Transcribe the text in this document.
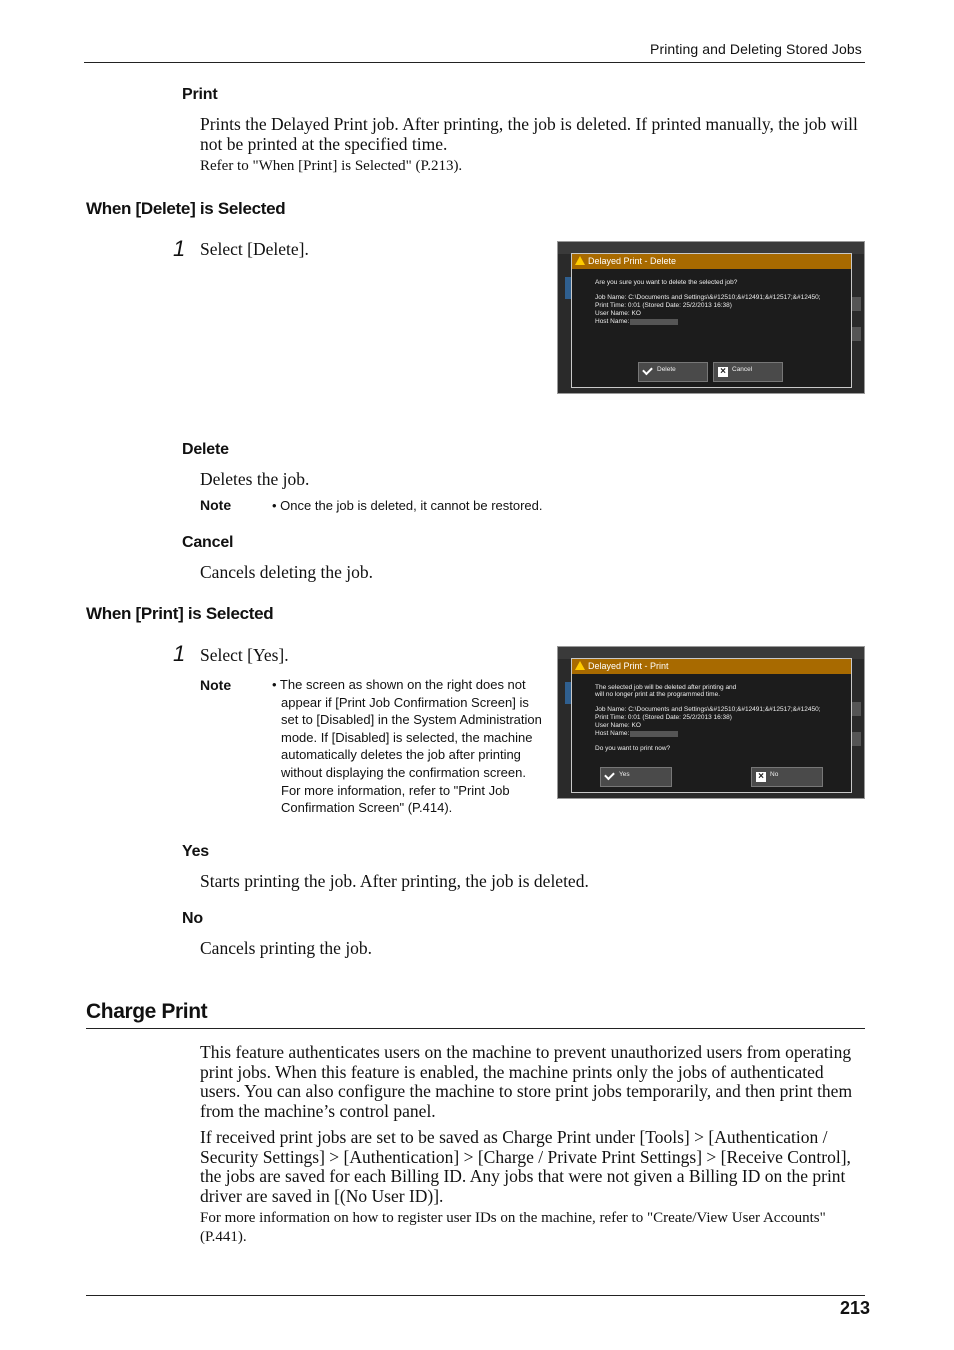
Printing and Deleting Stored Jobs
Print
Prints the Delayed Print job. After printing, the job is deleted. If printed manually, the job will not be printed at the specified time.
Refer to "When [Print] is Selected" (P.213).
When [Delete] is Selected
1 Select [Delete].
Delayed Print - Delete
Are you sure you want to delete the selected job?
Job Name: C:\Documents and Settings\&#12510;&#12491;&#12517;&#12450;
Print Time: 0:01 (Stored Date: 25/2/2013 16:38)
User Name: KO
Host Name:
Delete	× Cancel
Delete
Deletes the job.
Note	• Once the job is deleted, it cannot be restored.
Cancel
Cancels deleting the job.
When [Print] is Selected
1 Select [Yes].
Note	• The screen as shown on the right does not appear if [Print Job Confirmation Screen] is set to [Disabled] in the System Administration mode. If [Disabled] is selected, the machine automatically deletes the job after printing without displaying the confirmation screen. For more information, refer to "Print Job Confirmation Screen" (P.414).
Delayed Print - Print
The selected job will be deleted after printing and
will no longer print at the programmed time.
Job Name: C:\Documents and Settings\&#12510;&#12491;&#12517;&#12450;
Print Time: 0:01 (Stored Date: 25/2/2013 16:38)
User Name: KO
Host Name:
Do you want to print now?
Yes	× No
Yes
Starts printing the job. After printing, the job is deleted.
No
Cancels printing the job.
Charge Print
This feature authenticates users on the machine to prevent unauthorized users from operating print jobs. When this feature is enabled, the machine prints only the jobs of authenticated users. You can also configure the machine to store print jobs temporarily, and then print them from the machine’s control panel.
If received print jobs are set to be saved as Charge Print under [Tools] > [Authentication / Security Settings] > [Authentication] > [Charge / Private Print Settings] > [Receive Control], the jobs are saved for each Billing ID. Any jobs that were not given a Billing ID on the print driver are saved in [(No User ID)].
For more information on how to register user IDs on the machine, refer to "Create/View User Accounts" (P.441).
213
